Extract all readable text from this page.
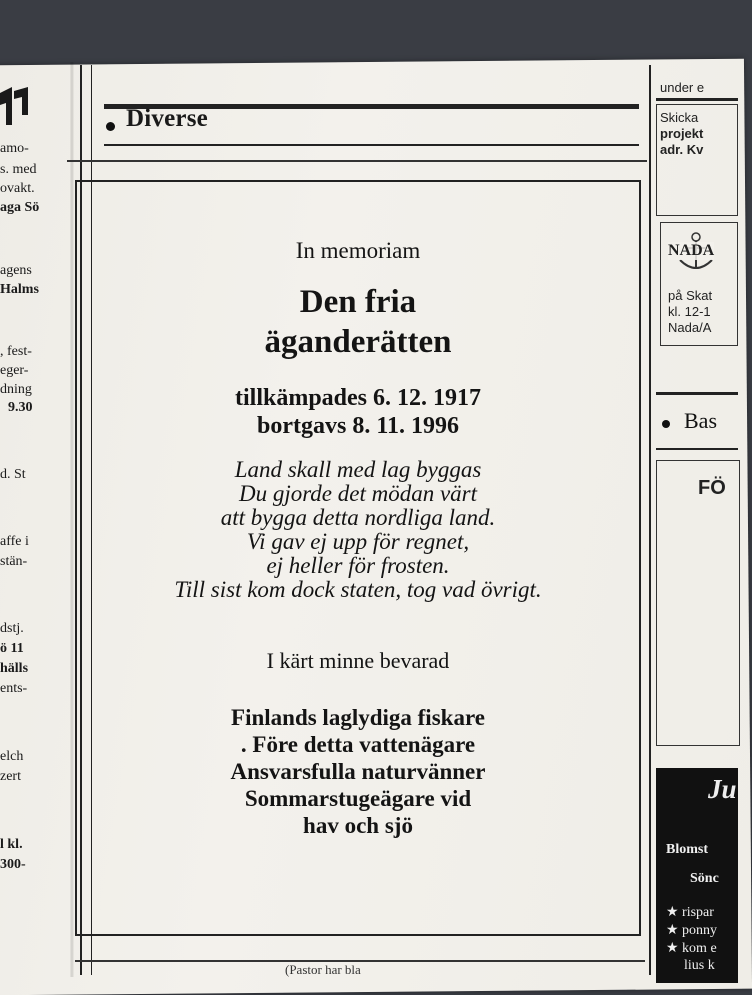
amo-
s. med
ovakt.
aga Sö
agens
Halms
, fest-
eger-
dning
9.30
d. St
affe i
stän-
dstj.
ö 11
hälls
ents-
elch
zert
l kl.
300-
Diverse
In memoriam
Den fria
äganderätten
tillkämpades 6. 12. 1917
bortgavs 8. 11. 1996
Land skall med lag byggas
Du gjorde det mödan värt
att bygga detta nordliga land.
Vi gav ej upp för regnet,
ej heller för frosten.
Till sist kom dock staten, tog vad övrigt.
I kärt minne bevarad
Finlands laglydiga fiskare
. Före detta vattenägare
Ansvarsfulla naturvänner
Sommarstugeägare vid
hav och sjö
(Pastor har bla
under e
Skicka
projekt
adr. Kv
NADA
på Skat
kl. 12-1
Nada/A
Bas
FÖ
Ju
Blomst
Sönc
★ rispar
★ ponny
★ kom e
lius k
